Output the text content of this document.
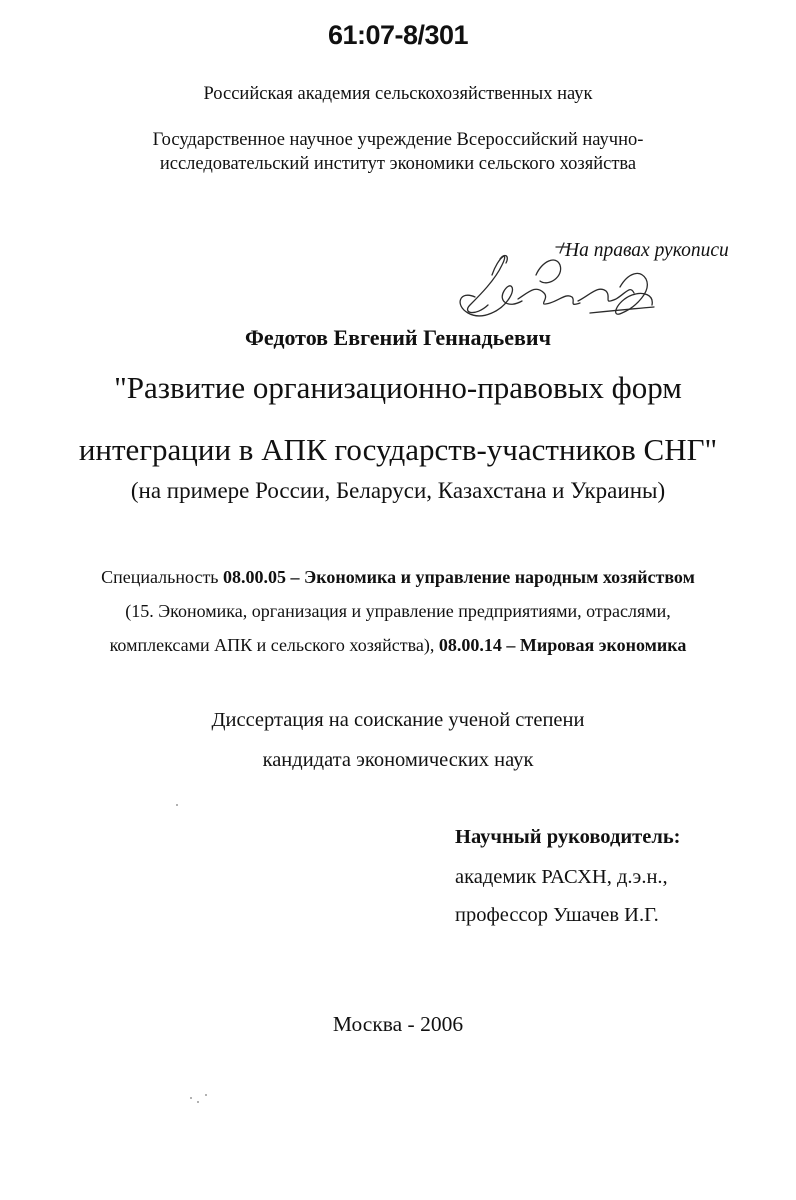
61:07-8/301
Российская академия сельскохозяйственных наук
Государственное научное учреждение Всероссийский научно-
исследовательский институт экономики сельского хозяйства
На правах рукописи
Федотов Евгений Геннадьевич
"Развитие организационно-правовых форм
интеграции в АПК государств-участников СНГ"
(на примере России, Беларуси, Казахстана и Украины)
Специальность 08.00.05 – Экономика и управление народным хозяйством
(15. Экономика, организация и управление предприятиями, отраслями,
комплексами АПК и сельского хозяйства), 08.00.14 – Мировая экономика
Диссертация на соискание ученой степени
кандидата экономических наук
Научный руководитель:
академик РАСХН, д.э.н.,
профессор Ушачев И.Г.
Москва - 2006
